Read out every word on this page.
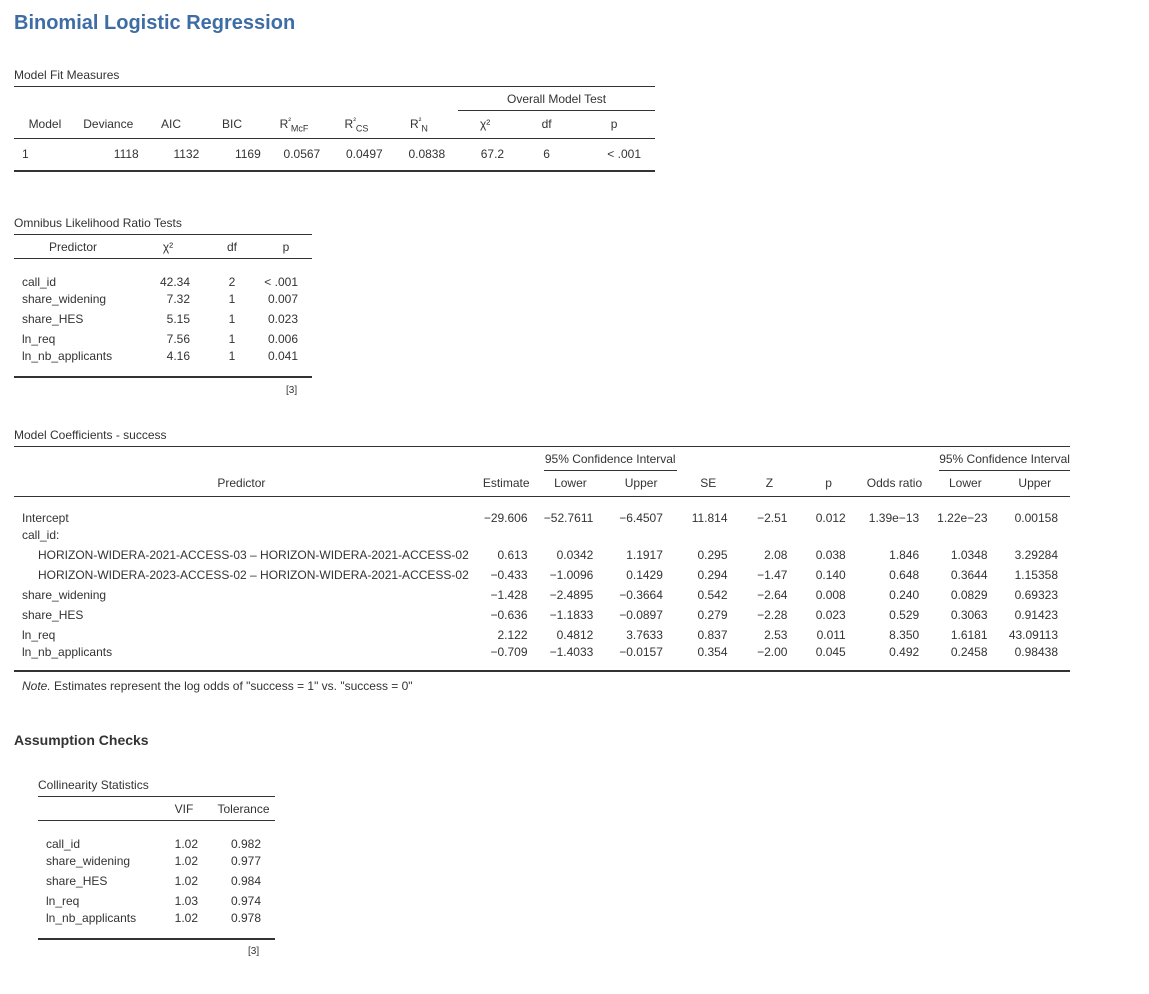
Binomial Logistic Regression
Model Fit Measures

							Overall Model Test		

Model	Deviance	AIC	BIC	$R^{^2}_{McF}$	$R^{^2}_{CS}$	$R^{^2}_N$	χ²	df	p
1	1118	1132	1169	0.0567	0.0497	0.0838	67.2	6	< .001
Omnibus Likelihood Ratio Tests
Predictor	χ²	df	p
call_id	42.34	2	< .001
share_widening	7.32	1	0.007
share_HES	5.15	1	0.023
ln_req	7.56	1	0.006
ln_nb_applicants	4.16	1	0.041
[3]
Model Coefficients - success

		95% Confidence Interval						95% Confidence Interval	

Predictor	Estimate	Lower	Upper	SE	Z	p	Odds ratio	Lower	Upper
Intercept	−29.606	−52.7611	−6.4507	11.814	−2.51	0.012	1.39e−13	1.22e−23	0.00158
call_id:									
HORIZON-WIDERA-2021-ACCESS-03 – HORIZON-WIDERA-2021-ACCESS-02	0.613	0.0342	1.1917	0.295	2.08	0.038	1.846	1.0348	3.29284
HORIZON-WIDERA-2023-ACCESS-02 – HORIZON-WIDERA-2021-ACCESS-02	−0.433	−1.0096	0.1429	0.294	−1.47	0.140	0.648	0.3644	1.15358
share_widening	−1.428	−2.4895	−0.3664	0.542	−2.64	0.008	0.240	0.0829	0.69323
share_HES	−0.636	−1.1833	−0.0897	0.279	−2.28	0.023	0.529	0.3063	0.91423
ln_req	2.122	0.4812	3.7633	0.837	2.53	0.011	8.350	1.6181	43.09113
ln_nb_applicants	−0.709	−1.4033	−0.0157	0.354	−2.00	0.045	0.492	0.2458	0.98438
Note. Estimates represent the log odds of "success = 1" vs. "success = 0"
Assumption Checks
Collinearity Statistics
	VIF	Tolerance
call_id	1.02	0.982
share_widening	1.02	0.977
share_HES	1.02	0.984
ln_req	1.03	0.974
ln_nb_applicants	1.02	0.978
[3]
